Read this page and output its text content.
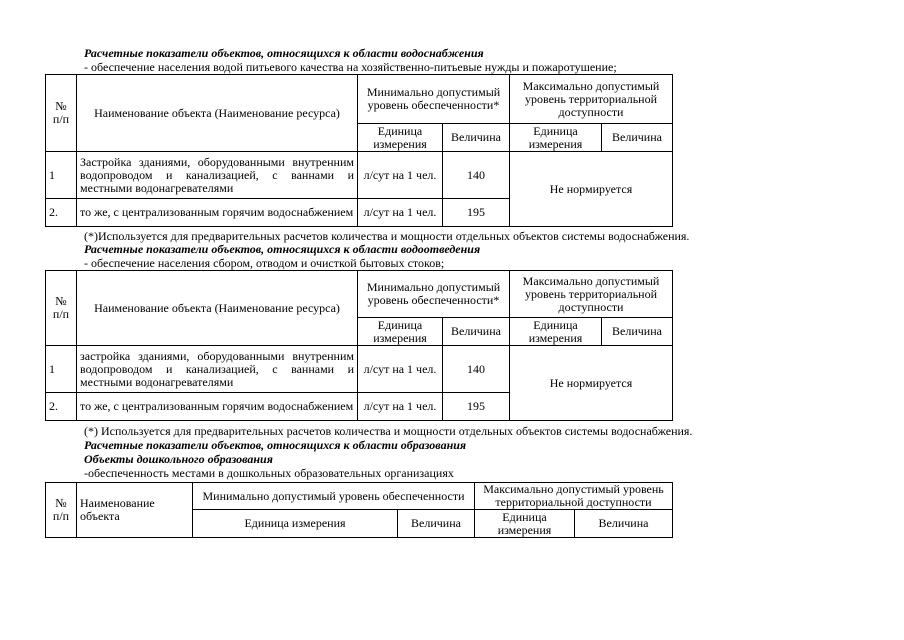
Расчетные показатели объектов, относящихся к области водоснабжения
- обеспечение населения водой питьевого качества на хозяйственно-питьевые нужды и пожаротушение;
№ п/п	Наименование объекта (Наименование ресурса)	Минимально допустимый уровень обеспеченности*		Максимально допустимый уровень территориальной доступности	
		Единица измерения	Величина	Единица измерения	Величина
1	Застройка зданиями, оборудованными внутренним водопроводом и канализацией, с ваннами и местными водонагревателями	л/сут на 1 чел.	140	Не нормируется	
2.	то же, с централизованным горячим водоснабжением	л/сут на 1 чел.	195		
(*)Используется для предварительных расчетов количества и мощности отдельных объектов системы водоснабжения.
Расчетные показатели объектов, относящихся к области водоотведения
- обеспечение населения сбором, отводом и очисткой бытовых стоков;
№ п/п	Наименование объекта (Наименование ресурса)	Минимально допустимый уровень обеспеченности*		Максимально допустимый уровень территориальной доступности	
		Единица измерения	Величина	Единица измерения	Величина
1	застройка зданиями, оборудованными внутренним водопроводом и канализацией, с ваннами и местными водонагревателями	л/сут на 1 чел.	140	Не нормируется	
2.	то же, с централизованным горячим водоснабжением	л/сут на 1 чел.	195		
(*) Используется для предварительных расчетов количества и мощности отдельных объектов системы водоснабжения.
Расчетные показатели объектов, относящихся к области образования
Объекты дошкольного образования
-обеспеченность местами в дошкольных образовательных организациях
№ п/п	Наименование объекта	Минимально допустимый уровень обеспеченности		Максимально допустимый уровень территориальной доступности	
		Единица измерения	Величина	Единица измерения	Величина
